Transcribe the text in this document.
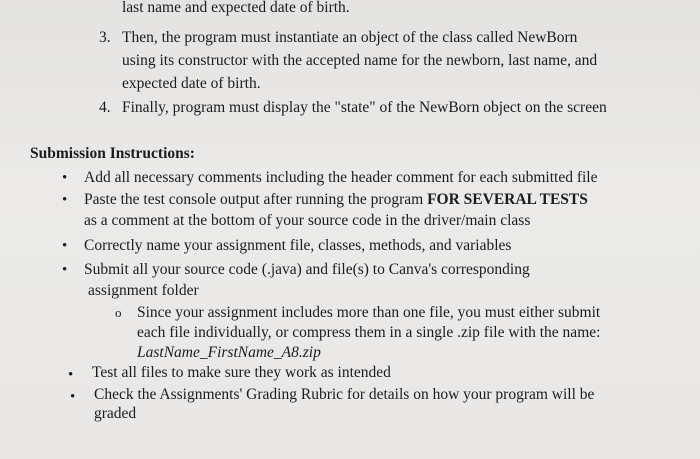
last name and expected date of birth.
3. Then, the program must instantiate an object of the class called NewBorn
using its constructor with the accepted name for the newborn, last name, and
expected date of birth.
4. Finally, program must display the "state" of the NewBorn object on the screen
Submission Instructions:
• Add all necessary comments including the header comment for each submitted file
• Paste the test console output after running the program FOR SEVERAL TESTS
as a comment at the bottom of your source code in the driver/main class
• Correctly name your assignment file, classes, methods, and variables
• Submit all your source code (.java) and file(s) to Canva's corresponding
assignment folder
o Since your assignment includes more than one file, you must either submit
each file individually, or compress them in a single .zip file with the name:
LastName_FirstName_A8.zip
• Test all files to make sure they work as intended
• Check the Assignments' Grading Rubric for details on how your program will be
graded
